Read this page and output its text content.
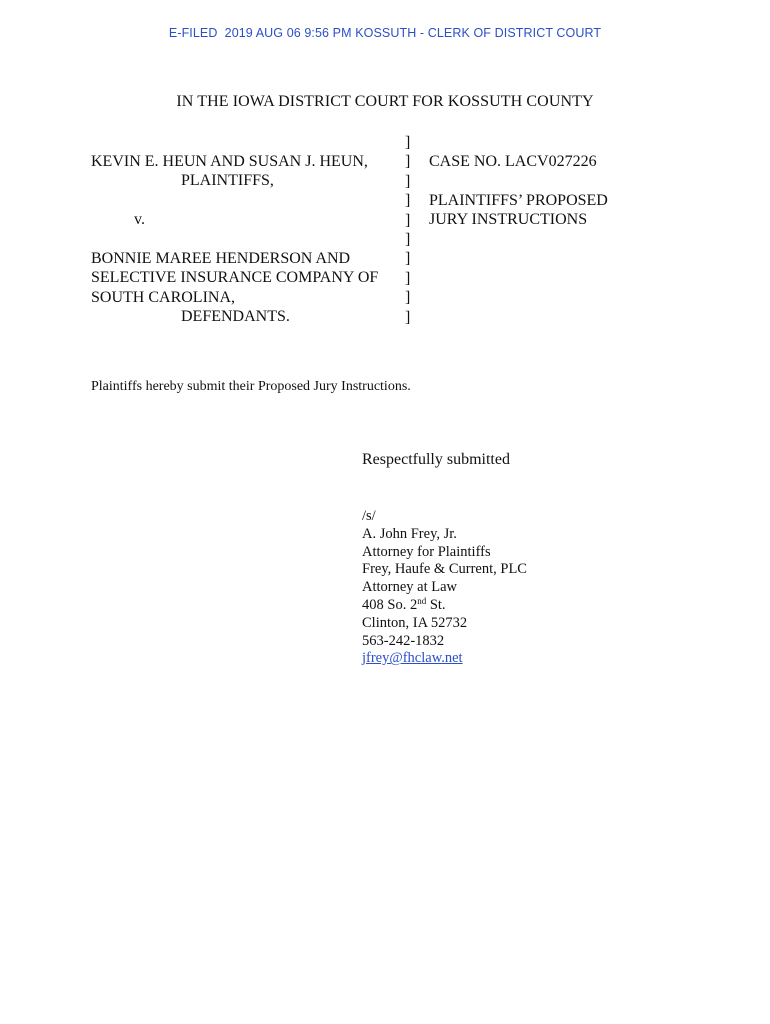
E-FILED  2019 AUG 06 9:56 PM KOSSUTH - CLERK OF DISTRICT COURT
IN THE IOWA DISTRICT COURT FOR KOSSUTH COUNTY
KEVIN E. HEUN AND SUSAN J. HEUN,
PLAINTIFFS,
v.
BONNIE MAREE HENDERSON AND
SELECTIVE INSURANCE COMPANY OF
SOUTH CAROLINA,
DEFENDANTS.
]
]
]
]
]
]
]
]
]
]
CASE NO. LACV027226
PLAINTIFFS’ PROPOSED
JURY INSTRUCTIONS
Plaintiffs hereby submit their Proposed Jury Instructions.
Respectfully submitted
/s/
A. John Frey, Jr.
Attorney for Plaintiffs
Frey, Haufe & Current, PLC
Attorney at Law
408 So. 2nd St.
Clinton, IA 52732
563-242-1832
jfrey@fhclaw.net
